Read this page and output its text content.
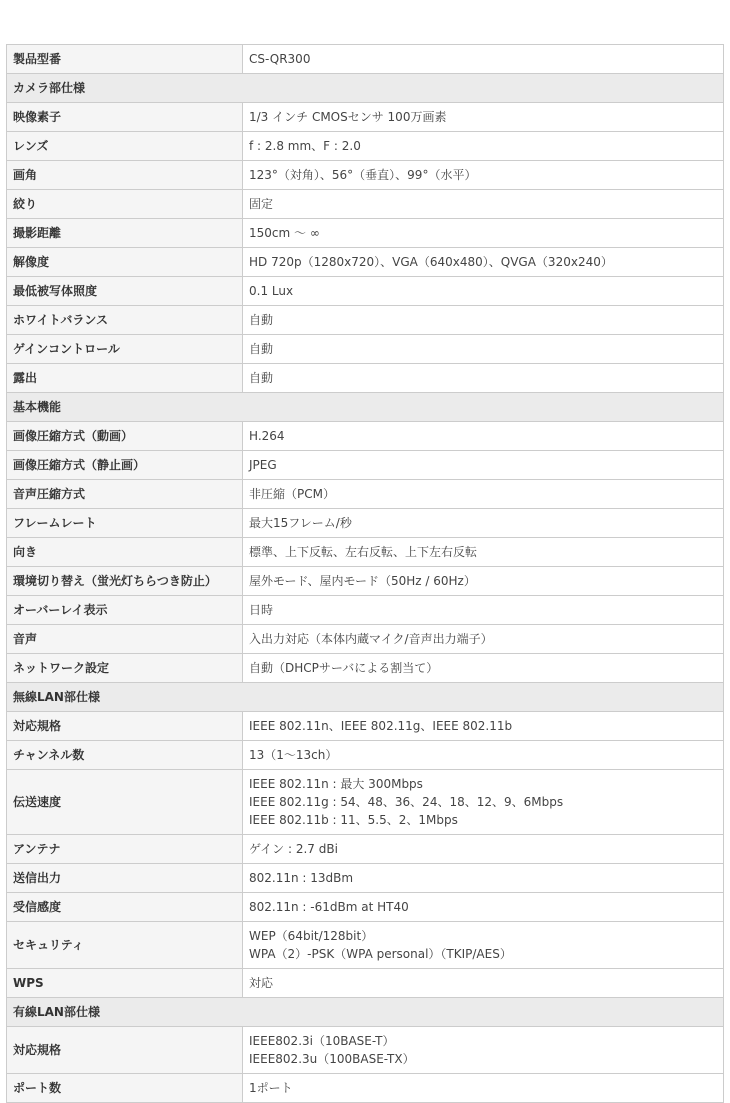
製品型番	CS-QR300

カメラ部仕様	
映像素子	1/3 インチ CMOSセンサ 100万画素

レンズ	f : 2.8 mm、F : 2.0

画角	123°（対角）、56°（垂直）、99°（水平）

絞り	固定

撮影距離	150cm ～ ∞

解像度	HD 720p（1280x720）、VGA（640x480）、QVGA（320x240）

最低被写体照度	0.1 Lux

ホワイトバランス	自動

ゲインコントロール	自動

露出	自動

基本機能	
画像圧縮方式（動画）	H.264

画像圧縮方式（静止画）	JPEG

音声圧縮方式	非圧縮（PCM）

フレームレート	最大15フレーム/秒

向き	標準、上下反転、左右反転、上下左右反転

環境切り替え（蛍光灯ちらつき防止）	屋外モード、屋内モード（50Hz / 60Hz）

オーバーレイ表示	日時

音声	入出力対応（本体内蔵マイク/音声出力端子）

ネットワーク設定	自動（DHCPサーバによる割当て）

無線LAN部仕様	
対応規格	IEEE 802.11n、IEEE 802.11g、IEEE 802.11b

チャンネル数	13（1～13ch）

伝送速度	IEEE 802.11n : 最大 300Mbps
IEEE 802.11g : 54、48、36、24、18、12、9、6Mbps
IEEE 802.11b : 11、5.5、2、1Mbps

アンテナ	ゲイン : 2.7 dBi

送信出力	802.11n : 13dBm

受信感度	802.11n : -61dBm at HT40

セキュリティ	WEP（64bit/128bit）
WPA（2）-PSK（WPA personal）（TKIP/AES）

WPS	対応

有線LAN部仕様	
対応規格	IEEE802.3i（10BASE-T）
IEEE802.3u（100BASE-TX）

ポート数	1ポート
